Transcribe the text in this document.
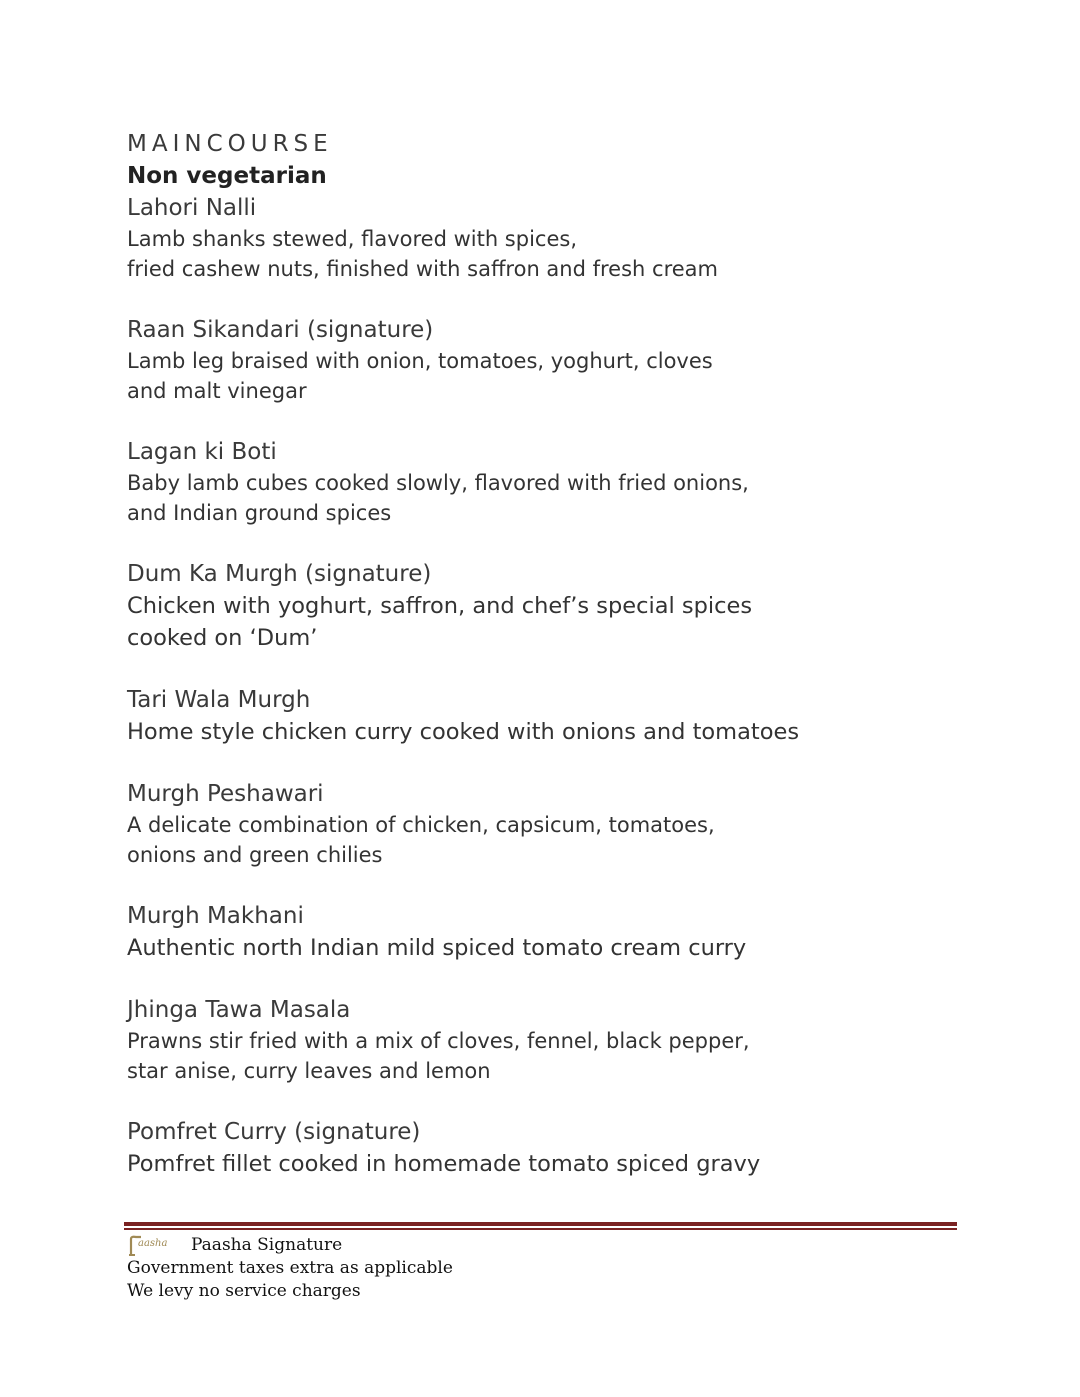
MAINCOURSE
Non vegetarian
Lahori Nalli
Lamb shanks stewed, flavored with spices,
fried cashew nuts, finished with saffron and fresh cream
Raan Sikandari (signature)
Lamb leg braised with onion, tomatoes, yoghurt, cloves
and malt vinegar
Lagan ki Boti
Baby lamb cubes cooked slowly, flavored with fried onions,
and Indian ground spices
Dum Ka Murgh (signature)
Chicken with yoghurt, saffron, and chef’s special spices
cooked on ‘Dum’
Tari Wala Murgh
Home style chicken curry cooked with onions and tomatoes
Murgh Peshawari
A delicate combination of chicken, capsicum, tomatoes,
onions and green chilies
Murgh Makhani
Authentic north Indian mild spiced tomato cream curry
Jhinga Tawa Masala
Prawns stir fried with a mix of cloves, fennel, black pepper,
star anise, curry leaves and lemon
Pomfret Curry (signature)
Pomfret fillet cooked in homemade tomato spiced gravy
aasha Paasha Signature
Government taxes extra as applicable
We levy no service charges
